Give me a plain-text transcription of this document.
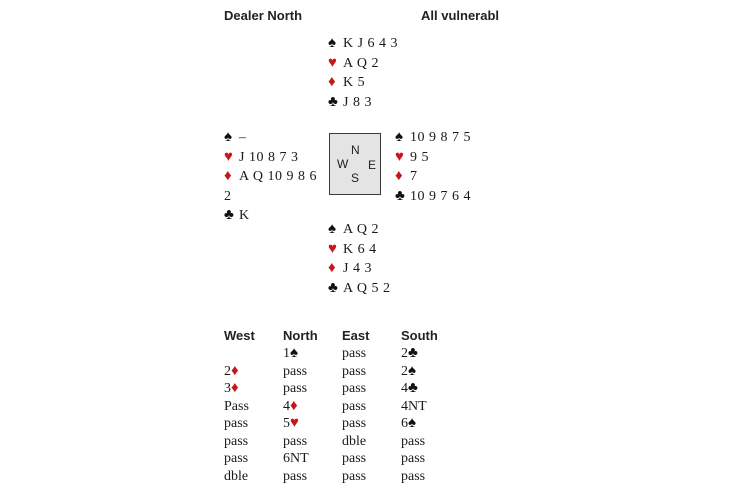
Dealer North	All vulnerabl
♠ K J 6 4 3
♥ A Q 2
♦ K 5
♣ J 8 3
♠ –
♥ J 10 8 7 3
♦ A Q 10 9 8 6
2
♣ K
N
W E
S
♠ 10 9 8 7 5
♥ 9 5
♦ 7
♣ 10 9 7 6 4
♠ A Q 2
♥ K 6 4
♦ J 4 3
♣ A Q 5 2
West North East South
2♦
3♦
Pass
pass
pass
pass
dble
1♠
pass
pass
4♦
5♥
pass
6NT
pass
pass
pass
pass
pass
pass
dble
pass
pass
2♣
2♠
4♣
4NT
6♠
pass
pass
pass
